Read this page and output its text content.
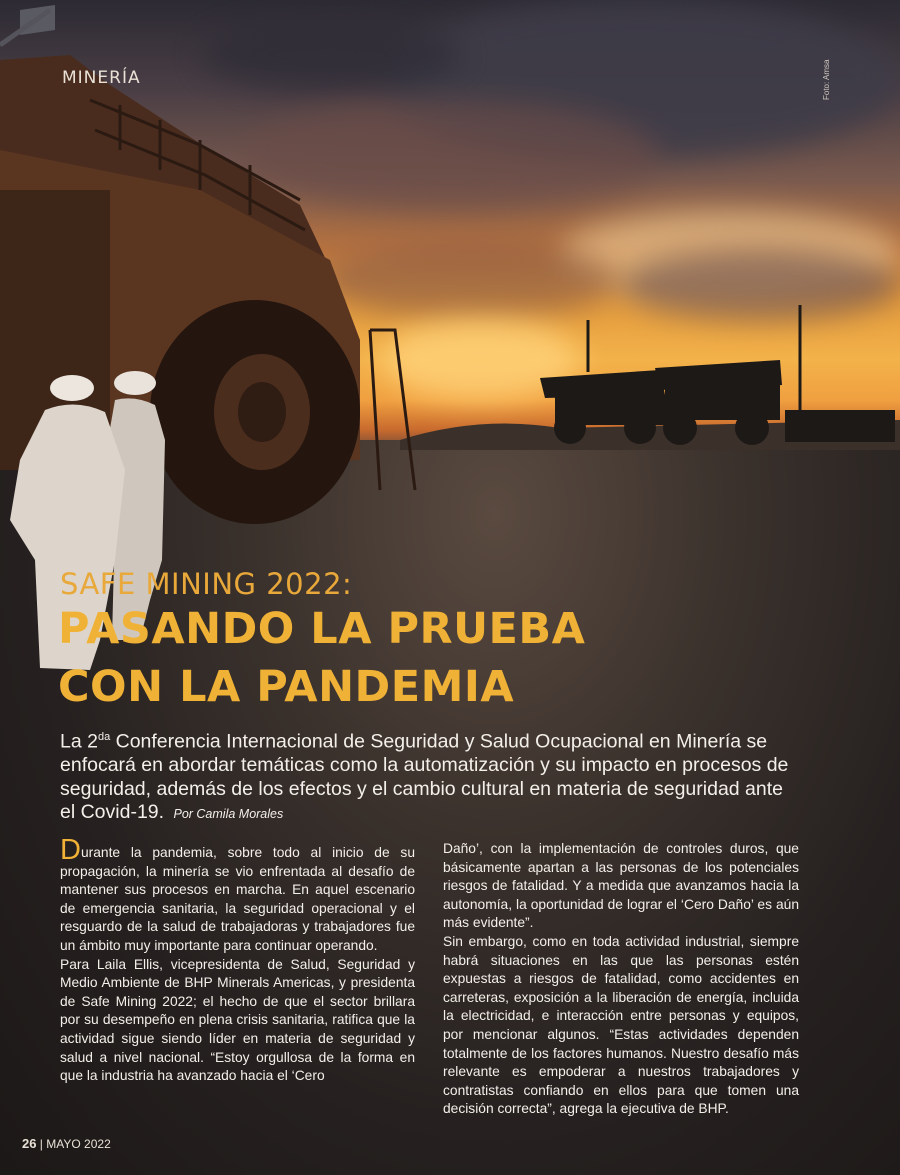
MINERÍA	Foto: Amsa
SAFE MINING 2022:
PASANDO LA PRUEBA
CON LA PANDEMIA
La $2^{da}$ Conferencia Internacional de Seguridad y Salud Ocupacional en Minería se enfocará en abordar temáticas como la automatización y su impacto en procesos de seguridad, además de los efectos y el cambio cultural en materia de seguridad ante el Covid-19. Por Camila Morales

Durante la pandemia, sobre todo al inicio de su propagación, la minería se vio enfrentada al desafío de mantener sus procesos en marcha. En aquel escenario de emergencia sanitaria, la seguridad operacional y el resguardo de la salud de trabajadoras y trabajadores fue un ámbito muy importante para continuar operando.

Para Laila Ellis, vicepresidenta de Salud, Seguridad y Medio Ambiente de BHP Minerals Americas, y presidenta de Safe Mining 2022; el hecho de que el sector brillara por su desempeño en plena crisis sanitaria, ratifica que la actividad sigue siendo líder en materia de seguridad y salud a nivel nacional. “Estoy orgullosa de la forma en que la industria ha avanzado hacia el ‘Cero

Daño’, con la implementación de controles duros, que básicamente apartan a las personas de los potenciales riesgos de fatalidad. Y a medida que avanzamos hacia la autonomía, la oportunidad de lograr el ‘Cero Daño’ es aún más evidente”.

Sin embargo, como en toda actividad industrial, siempre habrá situaciones en las que las personas estén expuestas a riesgos de fatalidad, como accidentes en carreteras, exposición a la liberación de energía, incluida la electricidad, e interacción entre personas y equipos, por mencionar algunos. “Estas actividades dependen totalmente de los factores humanos. Nuestro desafío más relevante es empoderar a nuestros trabajadores y contratistas confiando en ellos para que tomen una decisión correcta”, agrega la ejecutiva de BHP.

26 | MAYO 2022
